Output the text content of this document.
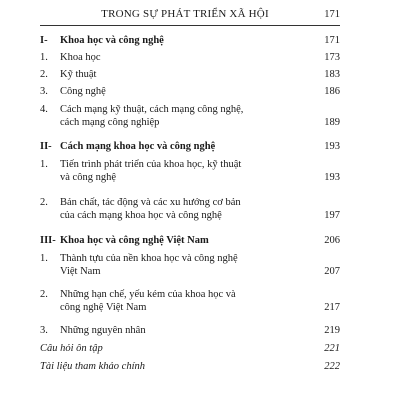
TRONG SỰ PHÁT TRIỂN XÃ HỘI	171
I-	Khoa học và công nghệ	171
1.	Khoa học	173
2.	Kỹ thuật	183
3.	Công nghệ	186
4.	Cách mạng kỹ thuật, cách mạng công nghệ,
cách mạng công nghiệp	189
II- Cách mạng khoa học và công nghệ	193
1.	Tiến trình phát triển của khoa học, kỹ thuật
và công nghệ	193
2.	Bản chất, tác động và các xu hướng cơ bản
của cách mạng khoa học và công nghệ	197
III- Khoa học và công nghệ Việt Nam	206
1.	Thành tựu của nền khoa học và công nghệ
Việt Nam	207
2.	Những hạn chế, yếu kém của khoa học và
công nghệ Việt Nam	217
3.	Những nguyên nhân	219
Câu hỏi ôn tập	221
Tài liệu tham khảo chính	222
